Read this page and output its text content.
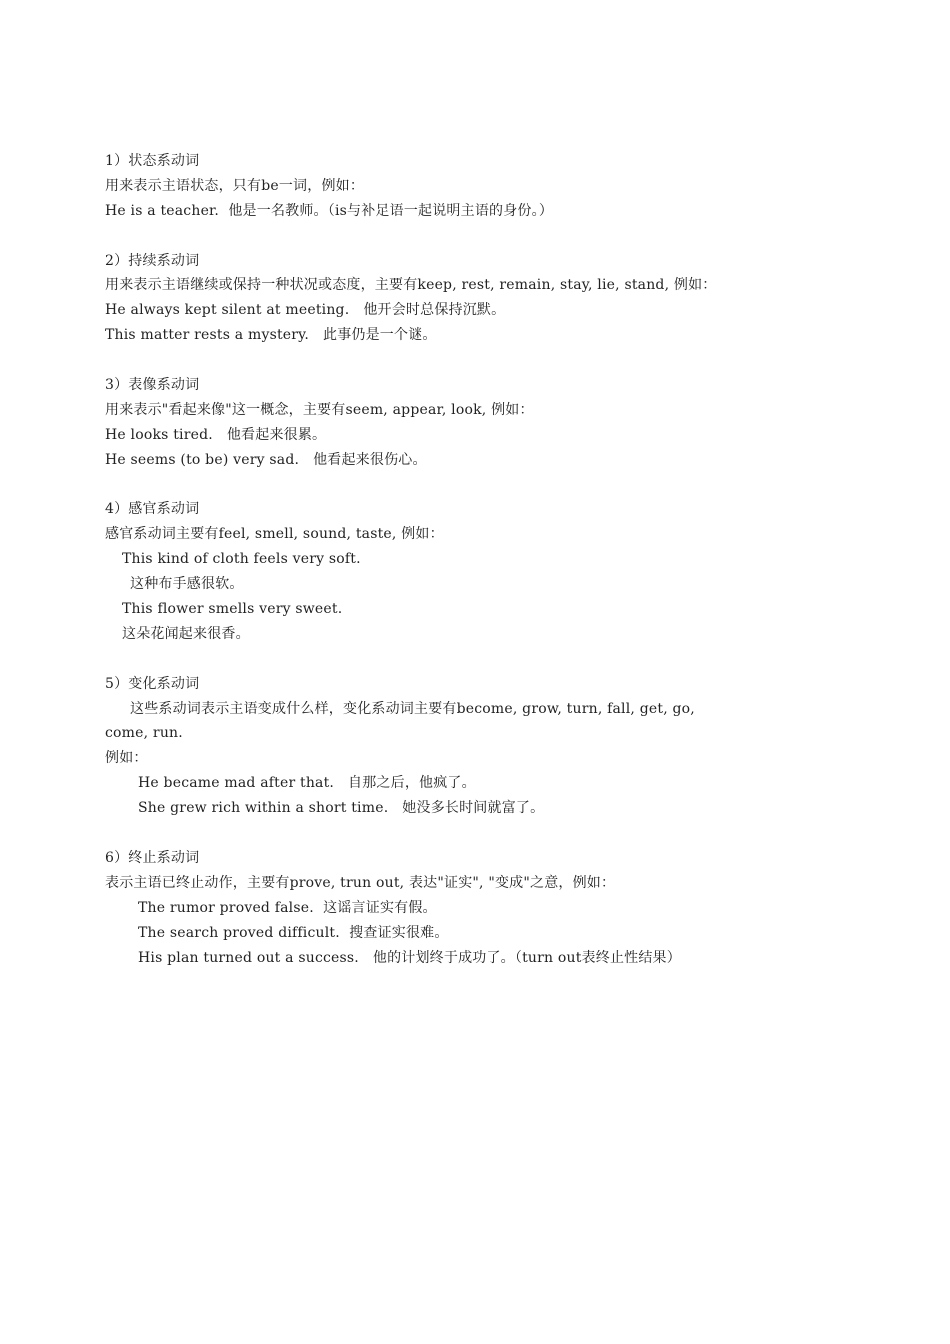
1）状态系动词
用来表示主语状态，只有be一词，例如：
He is a teacher.  他是一名教师。（is与补足语一起说明主语的身份。）
2）持续系动词
用来表示主语继续或保持一种状况或态度，主要有keep, rest, remain, stay, lie, stand, 例如：
He always kept silent at meeting.   他开会时总保持沉默。
This matter rests a mystery.   此事仍是一个谜。
3）表像系动词
用来表示"看起来像"这一概念，主要有seem, appear, look, 例如：
He looks tired.   他看起来很累。
He seems (to be) very sad.   他看起来很伤心。
4）感官系动词
感官系动词主要有feel, smell, sound, taste, 例如：
This kind of cloth feels very soft.
这种布手感很软。
This flower smells very sweet.
这朵花闻起来很香。
5）变化系动词
这些系动词表示主语变成什么样，变化系动词主要有become, grow, turn, fall, get, go,
come, run.
例如：
He became mad after that.   自那之后，他疯了。
She grew rich within a short time.   她没多长时间就富了。
6）终止系动词
表示主语已终止动作，主要有prove, trun out, 表达"证实", "变成"之意，例如：
The rumor proved false.  这谣言证实有假。
The search proved difficult.  搜查证实很难。
His plan turned out a success.   他的计划终于成功了。（turn out表终止性结果）
